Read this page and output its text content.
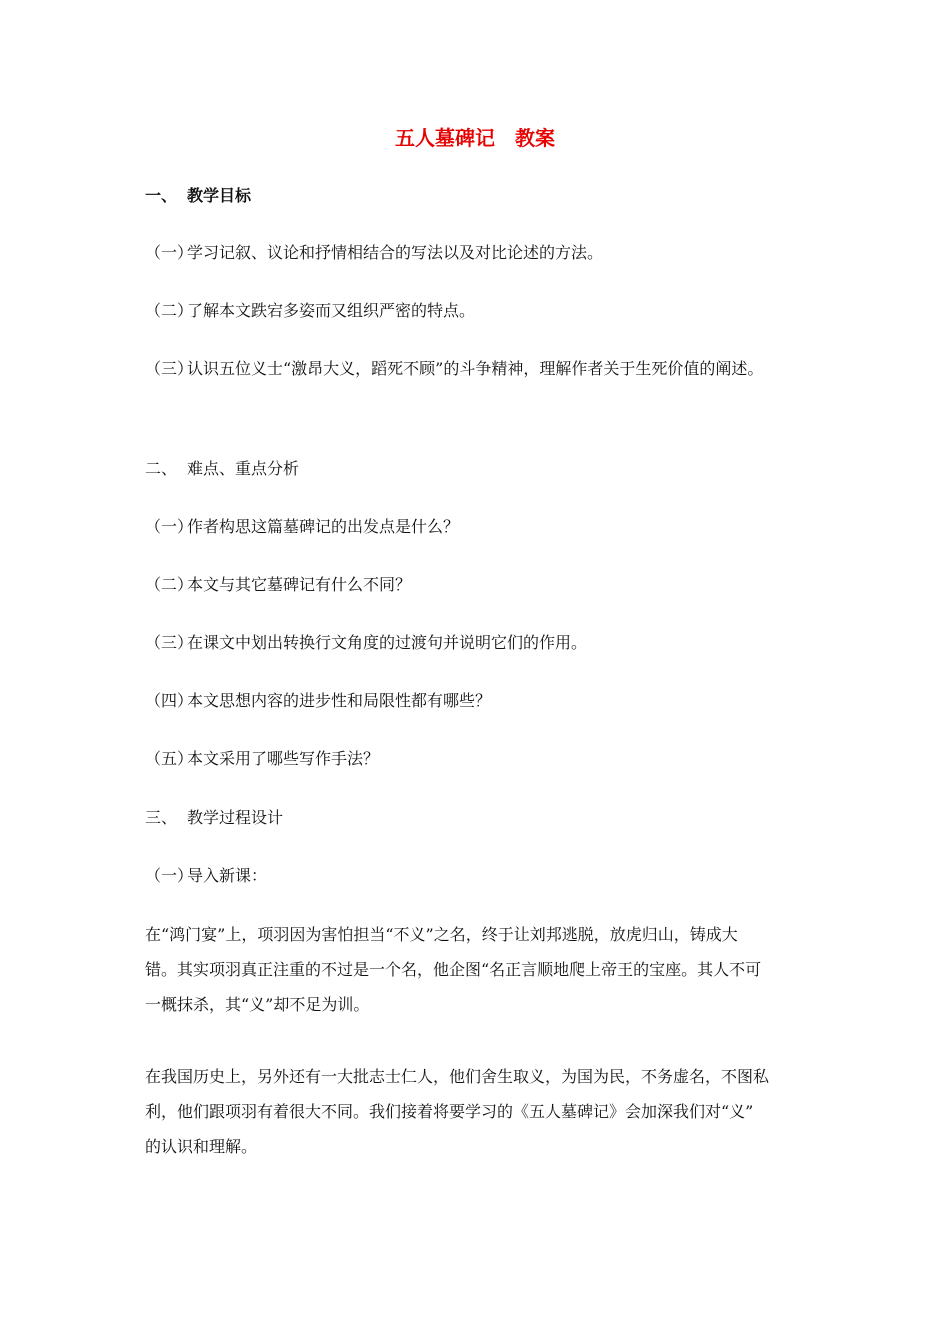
五人墓碑记　教案
一、 教学目标
（一）学习记叙、议论和抒情相结合的写法以及对比论述的方法。
（二）了解本文跌宕多姿而又组织严密的特点。
（三）认识五位义士“激昂大义，蹈死不顾”的斗争精神，理解作者关于生死价值的阐述。
二、 难点、重点分析
（一）作者构思这篇墓碑记的出发点是什么？
（二）本文与其它墓碑记有什么不同？
（三）在课文中划出转换行文角度的过渡句并说明它们的作用。
（四）本文思想内容的进步性和局限性都有哪些？
（五）本文采用了哪些写作手法？
三、 教学过程设计
（一）导入新课：
在“鸿门宴”上，项羽因为害怕担当“不义”之名，终于让刘邦逃脱，放虎归山，铸成大
错。其实项羽真正注重的不过是一个名，他企图“名正言顺地爬上帝王的宝座。其人不可
一概抹杀，其“义”却不足为训。
在我国历史上，另外还有一大批志士仁人，他们舍生取义，为国为民，不务虚名，不图私
利，他们跟项羽有着很大不同。我们接着将要学习的《五人墓碑记》会加深我们对“义”
的认识和理解。
